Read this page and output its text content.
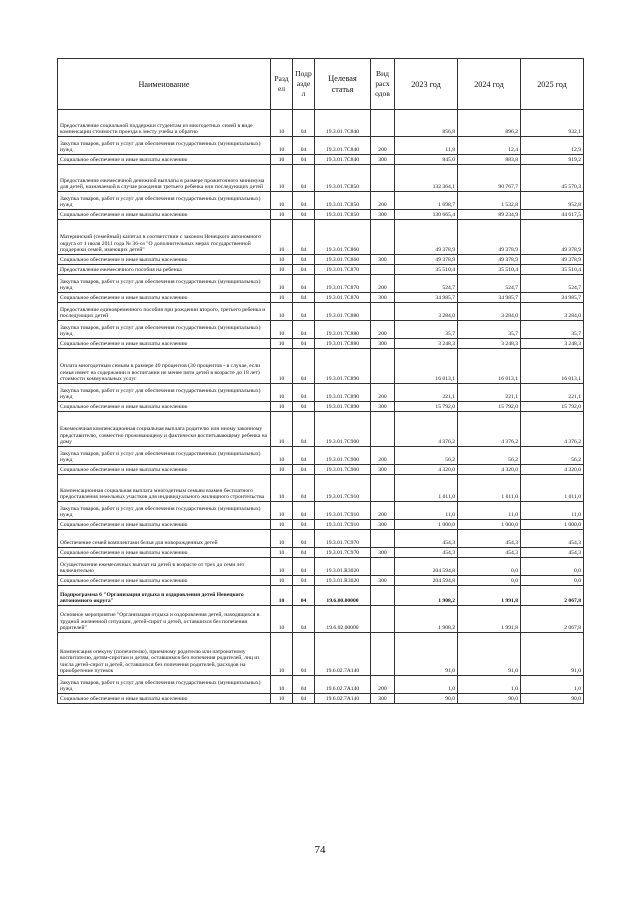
Наименование	Разд ел	Подр азде л	Целевая статья	Вид расх одов	2023 год	2024 год	2025 год
Предоставление социальной поддержки студентам из многодетных семей в виде компенсации стоимости проезда к месту учебы и обратно	10	04	19.3.01.7С840		856,8	896,2	932,1
Закупка товаров, работ и услуг для обеспечения государственных (муниципальных) нужд	10	04	19.3.01.7С840	200	11,8	12,4	12,9
Социальное обеспечение и иные выплаты населению	10	04	19.3.01.7С840	300	845,0	883,8	919,2
Предоставление ежемесячной денежной выплаты в размере прожиточного минимума для детей, назначаемой в случае рождения третьего ребенка или последующих детей	10	04	19.3.01.7С850		132 364,1	90 767,7	45 570,3
Закупка товаров, работ и услуг для обеспечения государственных (муниципальных) нужд	10	04	19.3.01.7С850	200	1 698,7	1 532,8	952,8
Социальное обеспечение и иные выплаты населению	10	04	19.3.01.7С850	300	130 665,4	89 234,9	44 617,5
Материнский (семейный) капитал в соответствии с законом Ненецкого автономного округа от 1 июля 2011 года № 36-оз "О дополнительных мерах государственной поддержки семей, имеющих детей"	10	04	19.3.01.7С860		49 378,9	49 378,9	49 378,9
Социальное обеспечение и иные выплаты населению	10	04	19.3.01.7С860	300	49 378,9	49 378,9	49 378,9
Предоставление ежемесячного пособия на ребенка	10	04	19.3.01.7С870		35 510,4	35 510,4	35 510,4
Закупка товаров, работ и услуг для обеспечения государственных (муниципальных) нужд	10	04	19.3.01.7С870	200	524,7	524,7	524,7
Социальное обеспечение и иные выплаты населению	10	04	19.3.01.7С870	300	34 985,7	34 985,7	34 985,7
Предоставление единовременного пособия при рождении второго, третьего ребенка и последующих детей	10	04	19.3.01.7С880		3 284,0	3 284,0	3 284,0
Закупка товаров, работ и услуг для обеспечения государственных (муниципальных) нужд	10	04	19.3.01.7С880	200	35,7	35,7	35,7
Социальное обеспечение и иные выплаты населению	10	04	19.3.01.7С880	300	3 248,3	3 248,3	3 248,3
Оплата многодетным семьям в размере 40 процентов (30 процентов - в случае, если семья имеет на содержании и воспитании не менее пяти детей в возрасте до 18 лет) стоимости коммунальных услуг	10	04	19.3.01.7С890		16 013,1	16 013,1	16 013,1
Закупка товаров, работ и услуг для обеспечения государственных (муниципальных) нужд	10	04	19.3.01.7С890	200	221,1	221,1	221,1
Социальное обеспечение и иные выплаты населению	10	04	19.3.01.7С890	300	15 792,0	15 792,0	15 792,0
Ежемесячная компенсационная социальная выплата родителю или иному законному представителю, совместно проживающему и фактически воспитывающему ребенка на дому	10	04	19.3.01.7С900		4 376,2	4 376,2	4 376,2
Закупка товаров, работ и услуг для обеспечения государственных (муниципальных) нужд	10	04	19.3.01.7С900	200	56,2	56,2	56,2
Социальное обеспечение и иные выплаты населению	10	04	19.3.01.7С900	300	4 320,0	4 320,0	4 320,0
Компенсационная социальная выплата многодетным семьям взамен бесплатного предоставления земельных участков для индивидуального жилищного строительства	10	04	19.3.01.7С910		1 011,0	1 011,0	1 011,0
Закупка товаров, работ и услуг для обеспечения государственных (муниципальных) нужд	10	04	19.3.01.7С910	200	11,0	11,0	11,0
Социальное обеспечение и иные выплаты населению	10	04	19.3.01.7С910	300	1 000,0	1 000,0	1 000,0
Обеспечение семей комплектами белья для новорожденных детей	10	04	19.3.01.7С970		454,3	454,3	454,3
Социальное обеспечение и иные выплаты населению	10	04	19.3.01.7С970	300	454,3	454,3	454,3
Осуществление ежемесячных выплат на детей в возрасте от трех до семи лет включительно	10	04	19.3.01.R3020		204 594,8	0,0	0,0
Социальное обеспечение и иные выплаты населению	10	04	19.3.01.R3020	300	204 594,8	0,0	0,0
Подпрограмма 6 "Организация отдыха и оздоровления детей Ненецкого автономного округа"	10	04	19.6.00.00000		1 908,2	1 991,8	2 067,8
Основное мероприятие "Организация отдыха и оздоровления детей, находящихся в трудной жизненной ситуации, детей-сирот и детей, оставшихся без попечения родителей"	10	04	19.6.02.00000		1 908,2	1 991,8	2 067,8
Компенсация опекуну (попечителю), приемному родителю или патронатному воспитателю, детям-сиротам и детям, оставшимся без попечения родителей, лиц из числа детей-сирот и детей, оставшихся без попечения родителей, расходов на приобретение путевок	10	04	19.6.02.7А140		91,0	91,0	91,0
Закупка товаров, работ и услуг для обеспечения государственных (муниципальных) нужд	10	04	19.6.02.7А140	200	1,0	1,0	1,0
Социальное обеспечение и иные выплаты населению	10	04	19.6.02.7А140	300	90,0	90,0	90,0
74
